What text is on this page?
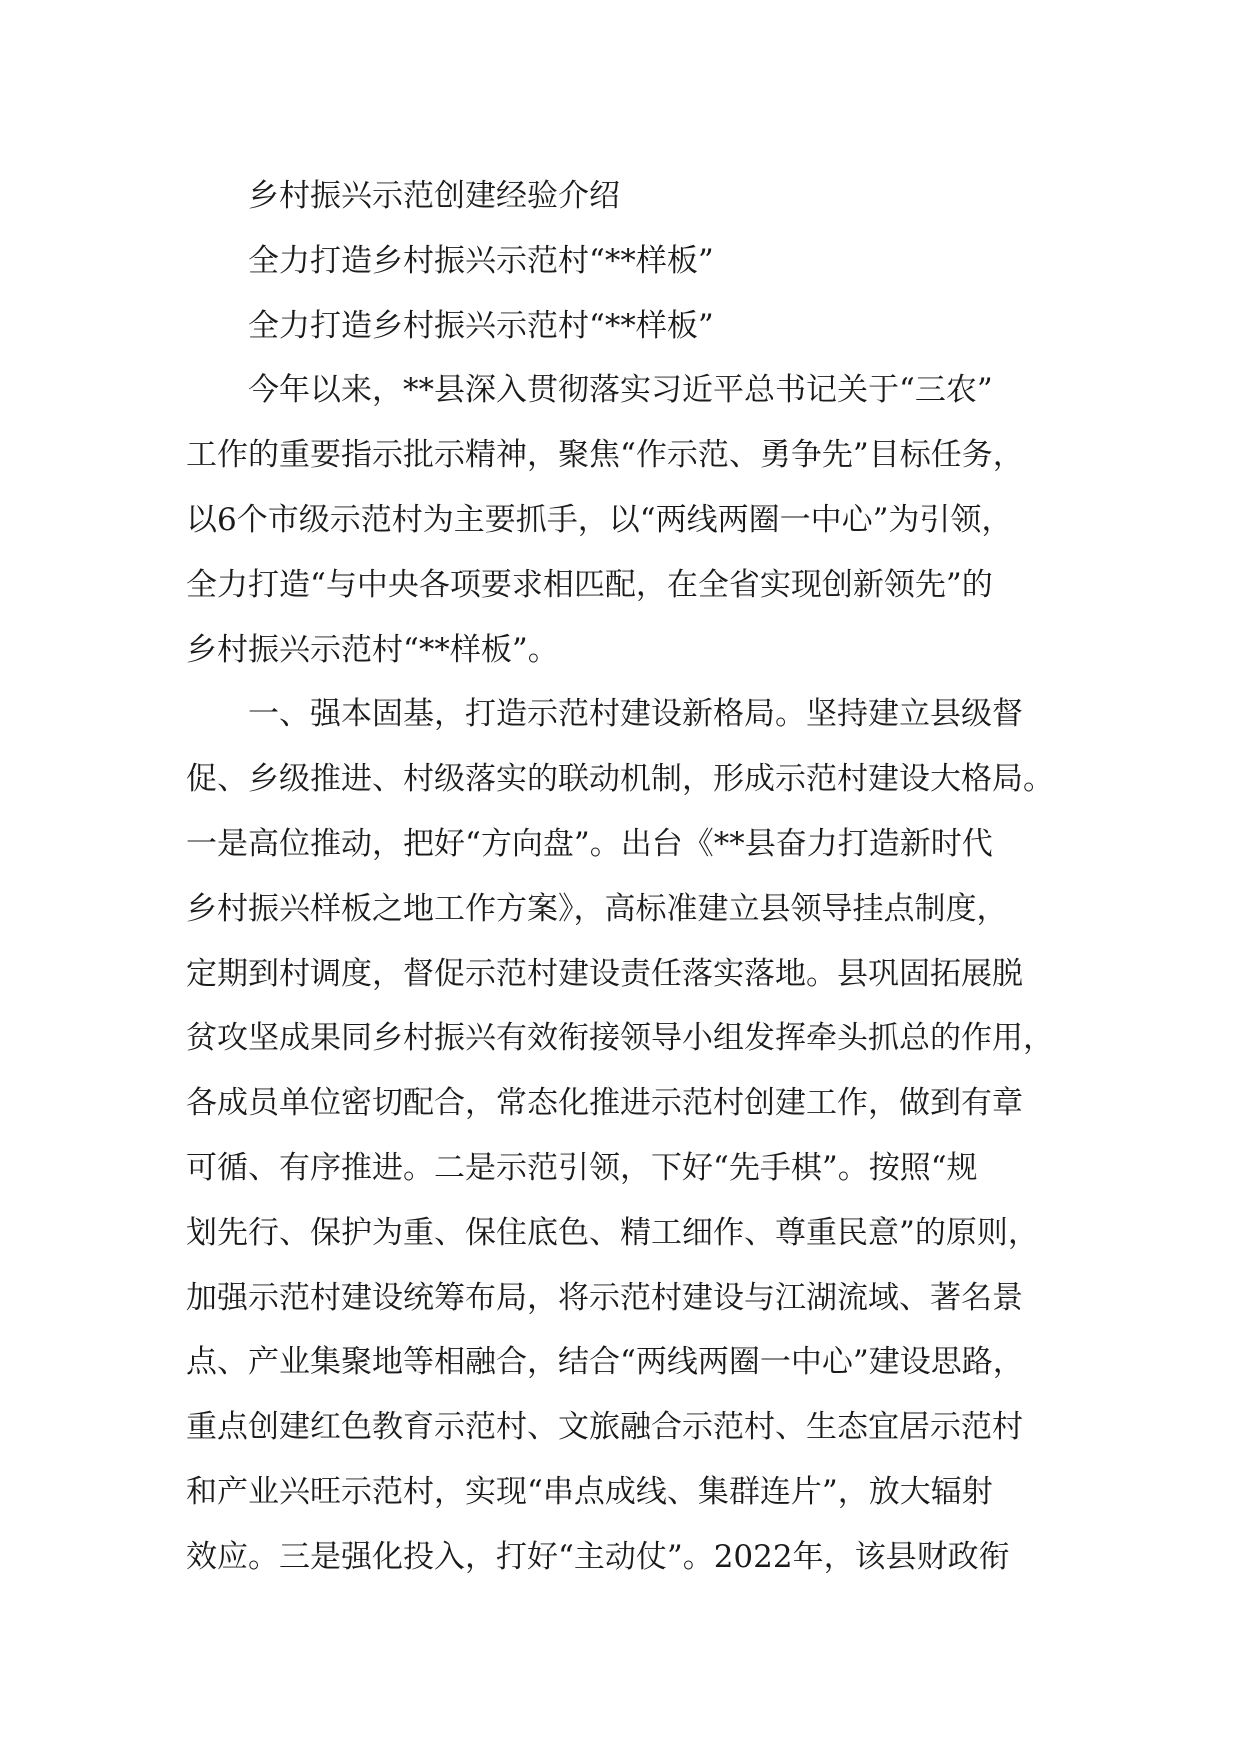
乡村振兴示范创建经验介绍
全力打造乡村振兴示范村“**样板”
全力打造乡村振兴示范村“**样板”
今年以来，**县深入贯彻落实习近平总书记关于“三农”
工作的重要指示批示精神，聚焦“作示范、勇争先”目标任务，
以6个市级示范村为主要抓手，以“两线两圈一中心”为引领，
全力打造“与中央各项要求相匹配，在全省实现创新领先”的
乡村振兴示范村“**样板”。
一、强本固基，打造示范村建设新格局。坚持建立县级督
促、乡级推进、村级落实的联动机制，形成示范村建设大格局。
一是高位推动，把好“方向盘”。出台《**县奋力打造新时代
乡村振兴样板之地工作方案》，高标准建立县领导挂点制度，
定期到村调度，督促示范村建设责任落实落地。县巩固拓展脱
贫攻坚成果同乡村振兴有效衔接领导小组发挥牵头抓总的作用，
各成员单位密切配合，常态化推进示范村创建工作，做到有章
可循、有序推进。二是示范引领，下好“先手棋”。按照“规
划先行、保护为重、保住底色、精工细作、尊重民意”的原则，
加强示范村建设统筹布局，将示范村建设与江湖流域、著名景
点、产业集聚地等相融合，结合“两线两圈一中心”建设思路，
重点创建红色教育示范村、文旅融合示范村、生态宜居示范村
和产业兴旺示范村，实现“串点成线、集群连片”，放大辐射
效应。三是强化投入，打好“主动仗”。2022年，该县财政衔
